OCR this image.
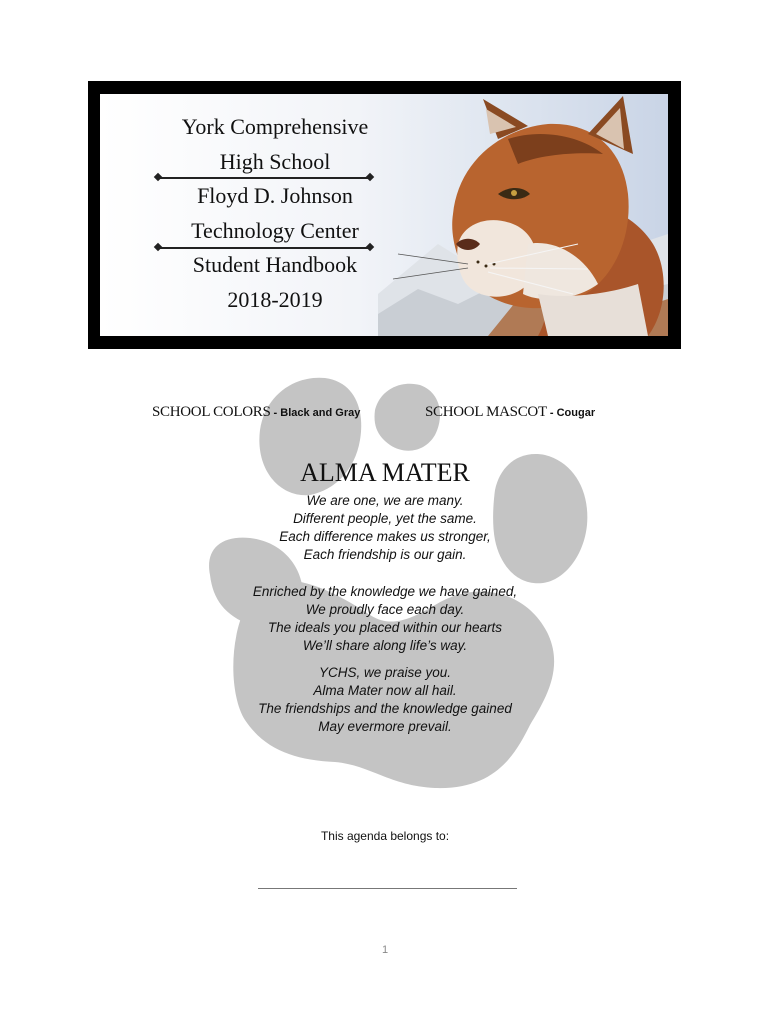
York Comprehensive
High School
Floyd D. Johnson
Technology Center
Student Handbook
2018-2019
SCHOOL COLORS - Black and Gray	SCHOOL MASCOT - Cougar
ALMA MATER
We are one, we are many.
Different people, yet the same.
Each difference makes us stronger,
Each friendship is our gain.
Enriched by the knowledge we have gained,
We proudly face each day.
The ideals you placed within our hearts
We’ll share along life’s way.
YCHS, we praise you.
Alma Mater now all hail.
The friendships and the knowledge gained
May evermore prevail.
This agenda belongs to:
1
